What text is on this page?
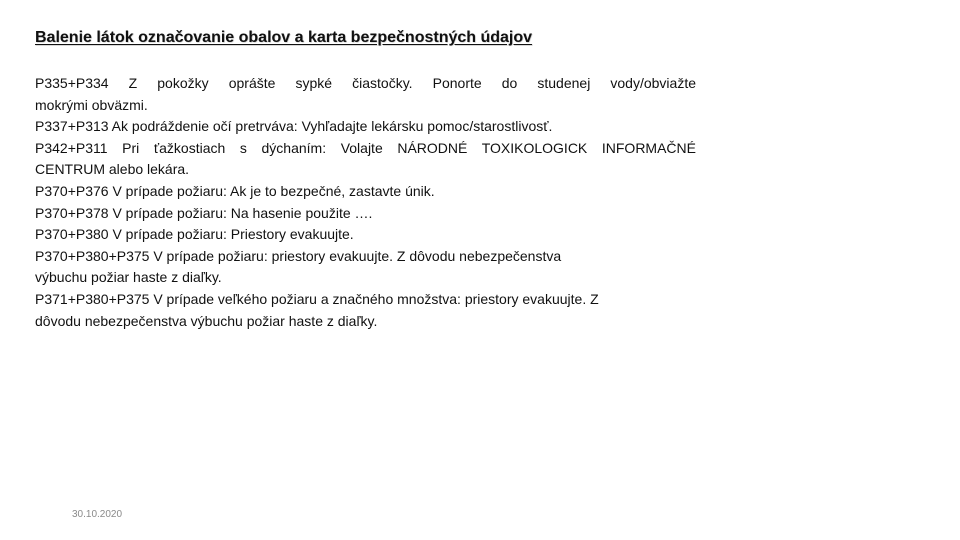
Balenie látok označovanie obalov a karta bezpečnostných údajov

P335+P334 Z pokožky oprášte sypké čiastočky. Ponorte do studenej vody/obviažte

mokrými obväzmi.

P337+P313 Ak podráždenie očí pretrváva: Vyhľadajte lekársku pomoc/starostlivosť.

P342+P311 Pri ťažkostiach s dýchaním: Volajte NÁRODNÉ TOXIKOLOGICK INFORMAČNÉ

CENTRUM alebo lekára.

P370+P376 V prípade požiaru: Ak je to bezpečné, zastavte únik.

P370+P378 V prípade požiaru: Na hasenie použite ….

P370+P380 V prípade požiaru: Priestory evakuujte.

P370+P380+P375 V prípade požiaru: priestory evakuujte. Z dôvodu nebezpečenstva

výbuchu požiar haste z diaľky.

P371+P380+P375 V prípade veľkého požiaru a značného množstva: priestory evakuujte. Z

dôvodu nebezpečenstva výbuchu požiar haste z diaľky.

30.10.2020
